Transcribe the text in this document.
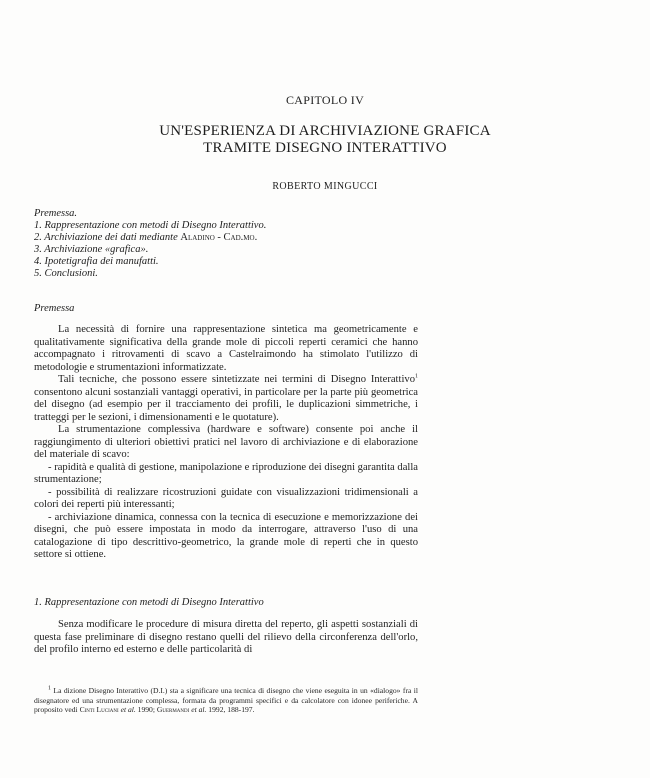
CAPITOLO IV
UN'ESPERIENZA DI ARCHIVIAZIONE GRAFICA
TRAMITE DISEGNO INTERATTIVO
ROBERTO MINGUCCI
Premessa.
1. Rappresentazione con metodi di Disegno Interattivo.
2. Archiviazione dei dati mediante Aladino - Cad.mo.
3. Archiviazione «grafica».
4. Ipotetigrafia dei manufatti.
5. Conclusioni.
Premessa

La necessità di fornire una rappresentazione sintetica ma geometricamente e qualitativamente significativa della grande mole di piccoli reperti ceramici che hanno accompagnato i ritrovamenti di scavo a Castelraimondo ha stimolato l'utilizzo di metodologie e strumentazioni informatizzate.

Tali tecniche, che possono essere sintetizzate nei termini di Disegno Interattivo$^1$ consentono alcuni sostanziali vantaggi operativi, in particolare per la parte più geometrica del disegno (ad esempio per il tracciamento dei profili, le duplicazioni simmetriche, i tratteggi per le sezioni, i dimensionamenti e le quotature).

La strumentazione complessiva (hardware e software) consente poi anche il raggiungimento di ulteriori obiettivi pratici nel lavoro di archiviazione e di elaborazione del materiale di scavo:

- rapidità e qualità di gestione, manipolazione e riproduzione dei disegni garantita dalla strumentazione;

- possibilità di realizzare ricostruzioni guidate con visualizzazioni tridimensionali a colori dei reperti più interessanti;

- archiviazione dinamica, connessa con la tecnica di esecuzione e memorizzazione dei disegni, che può essere impostata in modo da interrogare, attraverso l'uso di una catalogazione di tipo descrittivo-geometrico, la grande mole di reperti che in questo settore si ottiene.

1. Rappresentazione con metodi di Disegno Interattivo

Senza modificare le procedure di misura diretta del reperto, gli aspetti sostanziali di questa fase preliminare di disegno restano quelli del rilievo della circonferenza dell'orlo, del profilo interno ed esterno e delle particolarità di

$^1$ La dizione Disegno Interattivo (D.I.) sta a significare una tecnica di disegno che viene eseguita in un «dialogo» fra il disegnatore ed una strumentazione complessa, formata da programmi specifici e da calcolatore con idonee periferiche. A proposito vedi Cinti Luciani et al. 1990; Guermandi et al. 1992, 188-197.
